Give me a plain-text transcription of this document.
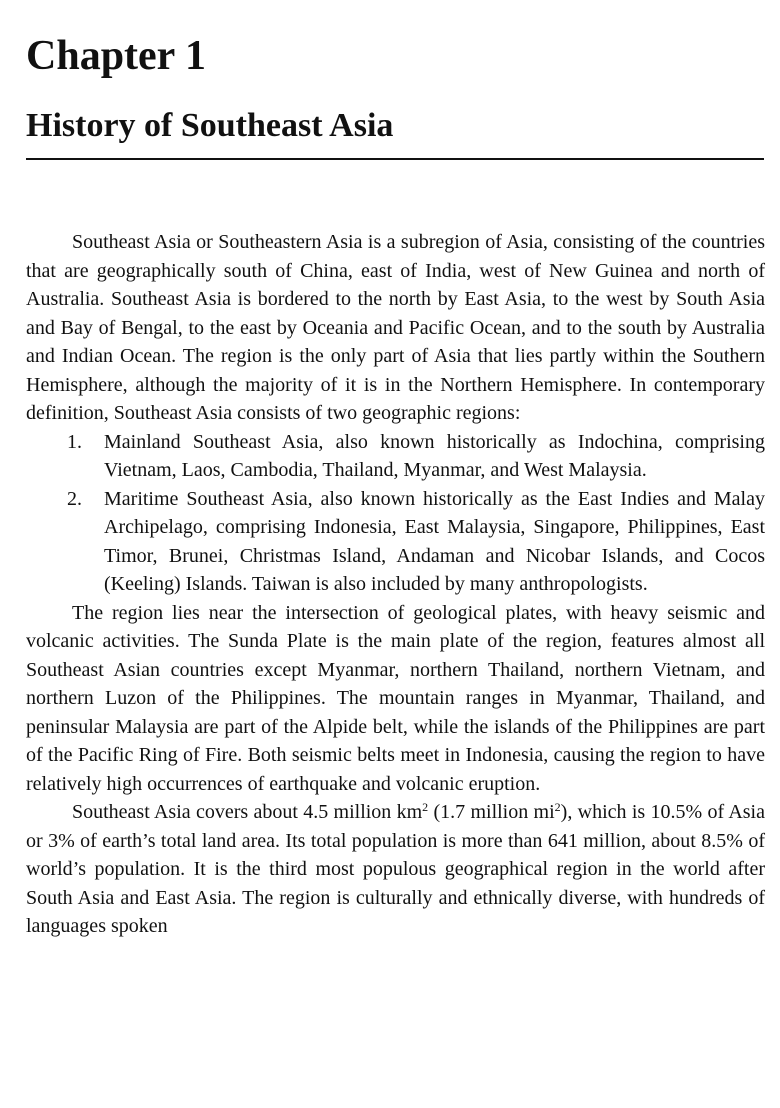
Chapter 1
History of Southeast Asia

Southeast Asia or Southeastern Asia is a subregion of Asia, consisting of the countries that are geographically south of China, east of India, west of New Guinea and north of Australia. Southeast Asia is bordered to the north by East Asia, to the west by South Asia and Bay of Bengal, to the east by Oceania and Pacific Ocean, and to the south by Australia and Indian Ocean. The region is the only part of Asia that lies partly within the Southern Hemisphere, although the majority of it is in the Northern Hemisphere. In contemporary definition, Southeast Asia consists of two geographic regions:

1. Mainland Southeast Asia, also known historically as Indochina, comprising Vietnam, Laos, Cambodia, Thailand, Myanmar, and West Malaysia.
2. Maritime Southeast Asia, also known historically as the East Indies and Malay Archipelago, comprising Indonesia, East Malaysia, Singapore, Philippines, East Timor, Brunei, Christmas Island, Andaman and Nicobar Islands, and Cocos (Keeling) Islands. Taiwan is also included by many anthropologists.

The region lies near the intersection of geological plates, with heavy seismic and volcanic activities. The Sunda Plate is the main plate of the region, features almost all Southeast Asian countries except Myanmar, northern Thailand, northern Vietnam, and northern Luzon of the Philippines. The mountain ranges in Myanmar, Thailand, and peninsular Malaysia are part of the Alpide belt, while the islands of the Philippines are part of the Pacific Ring of Fire. Both seismic belts meet in Indonesia, causing the region to have relatively high occurrences of earthquake and volcanic eruption.

Southeast Asia covers about 4.5 million $km^2$ (1.7 million $mi^2$), which is 10.5% of Asia or 3% of earth’s total land area. Its total population is more than 641 million, about 8.5% of world’s population. It is the third most populous geographical region in the world after South Asia and East Asia. The region is culturally and ethnically diverse, with hundreds of languages spoken
